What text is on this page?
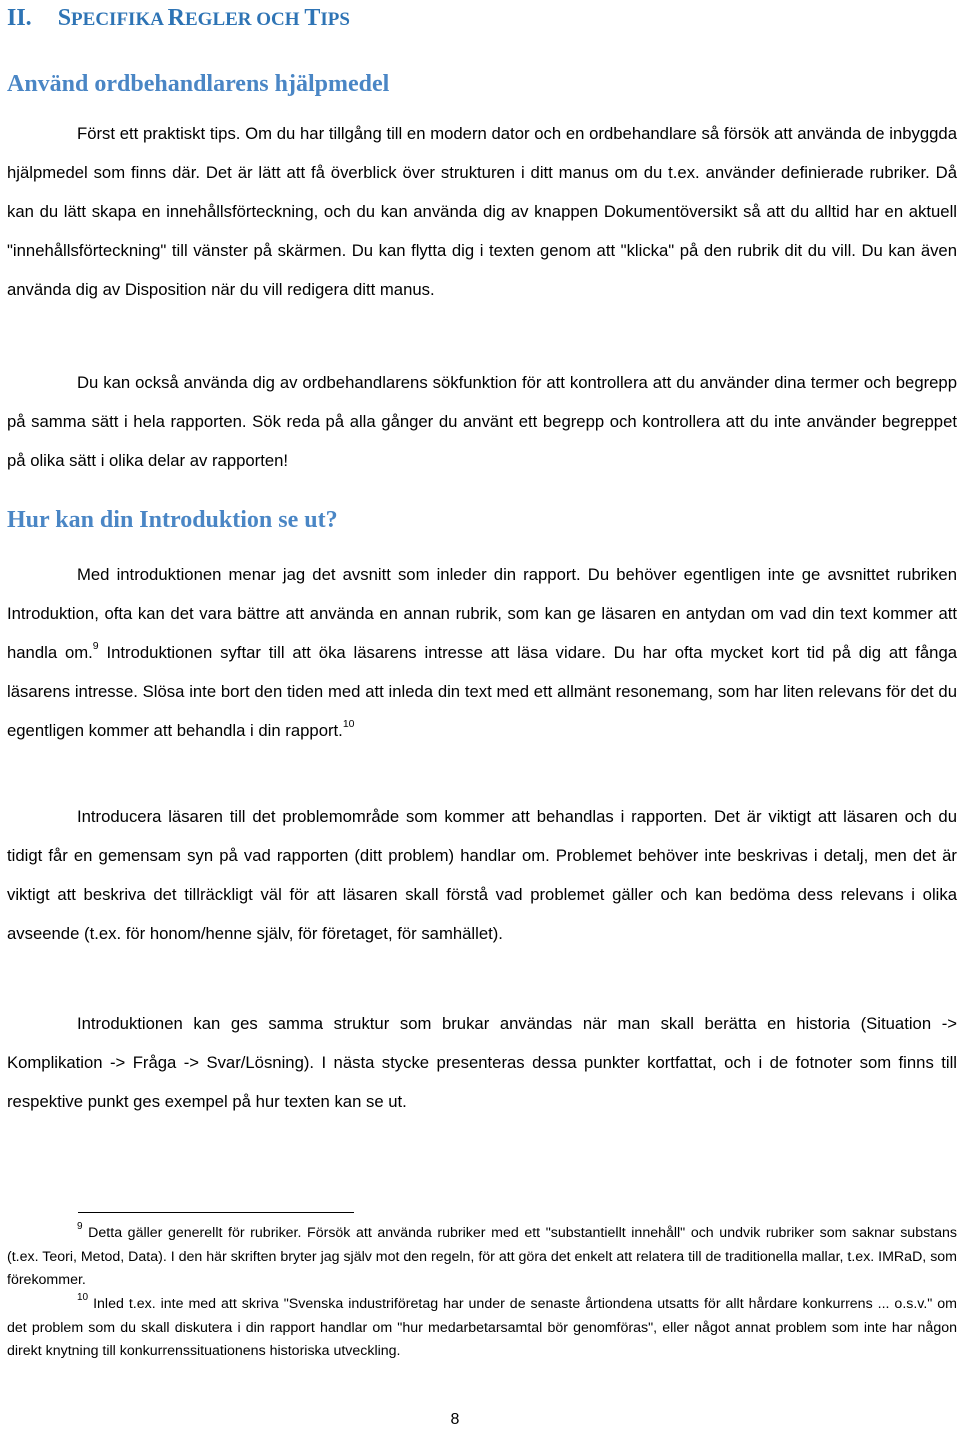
II. SPECIFIKA REGLER OCH TIPS
Använd ordbehandlarens hjälpmedel

Först ett praktiskt tips. Om du har tillgång till en modern dator och en ordbehandlare så försök att använda de inbyggda hjälpmedel som finns där. Det är lätt att få överblick över strukturen i ditt manus om du t.ex. använder definierade rubriker. Då kan du lätt skapa en innehållsförteckning, och du kan använda dig av knappen Dokumentöversikt så att du alltid har en aktuell "innehållsförteckning" till vänster på skärmen. Du kan flytta dig i texten genom att "klicka" på den rubrik dit du vill. Du kan även använda dig av Disposition när du vill redigera ditt manus.

Du kan också använda dig av ordbehandlarens sökfunktion för att kontrollera att du använder dina termer och begrepp på samma sätt i hela rapporten. Sök reda på alla gånger du använt ett begrepp och kontrollera att du inte använder begreppet på olika sätt i olika delar av rapporten!

Hur kan din Introduktion se ut?

Med introduktionen menar jag det avsnitt som inleder din rapport. Du behöver egentligen inte ge avsnittet rubriken Introduktion, ofta kan det vara bättre att använda en annan rubrik, som kan ge läsaren en antydan om vad din text kommer att handla om.$^9$ Introduktionen syftar till att öka läsarens intresse att läsa vidare. Du har ofta mycket kort tid på dig att fånga läsarens intresse. Slösa inte bort den tiden med att inleda din text med ett allmänt resonemang, som har liten relevans för det du egentligen kommer att behandla i din rapport.$^{10}$

Introducera läsaren till det problemområde som kommer att behandlas i rapporten. Det är viktigt att läsaren och du tidigt får en gemensam syn på vad rapporten (ditt problem) handlar om. Problemet behöver inte beskrivas i detalj, men det är viktigt att beskriva det tillräckligt väl för att läsaren skall förstå vad problemet gäller och kan bedöma dess relevans i olika avseende (t.ex. för honom/henne själv, för företaget, för samhället).

Introduktionen kan ges samma struktur som brukar användas när man skall berätta en historia (Situation -> Komplikation -> Fråga -> Svar/Lösning). I nästa stycke presenteras dessa punkter kortfattat, och i de fotnoter som finns till respektive punkt ges exempel på hur texten kan se ut.

$^9$ Detta gäller generellt för rubriker. Försök att använda rubriker med ett "substantiellt innehåll" och undvik rubriker som saknar substans (t.ex. Teori, Metod, Data). I den här skriften bryter jag själv mot den regeln, för att göra det enkelt att relatera till de traditionella mallar, t.ex. IMRaD, som förekommer.

$^{10}$ Inled t.ex. inte med att skriva "Svenska industriföretag har under de senaste årtiondena utsatts för allt hårdare konkurrens ... o.s.v." om det problem som du skall diskutera i din rapport handlar om "hur medarbetarsamtal bör genomföras", eller något annat problem som inte har någon direkt knytning till konkurrenssituationens historiska utveckling.

8
